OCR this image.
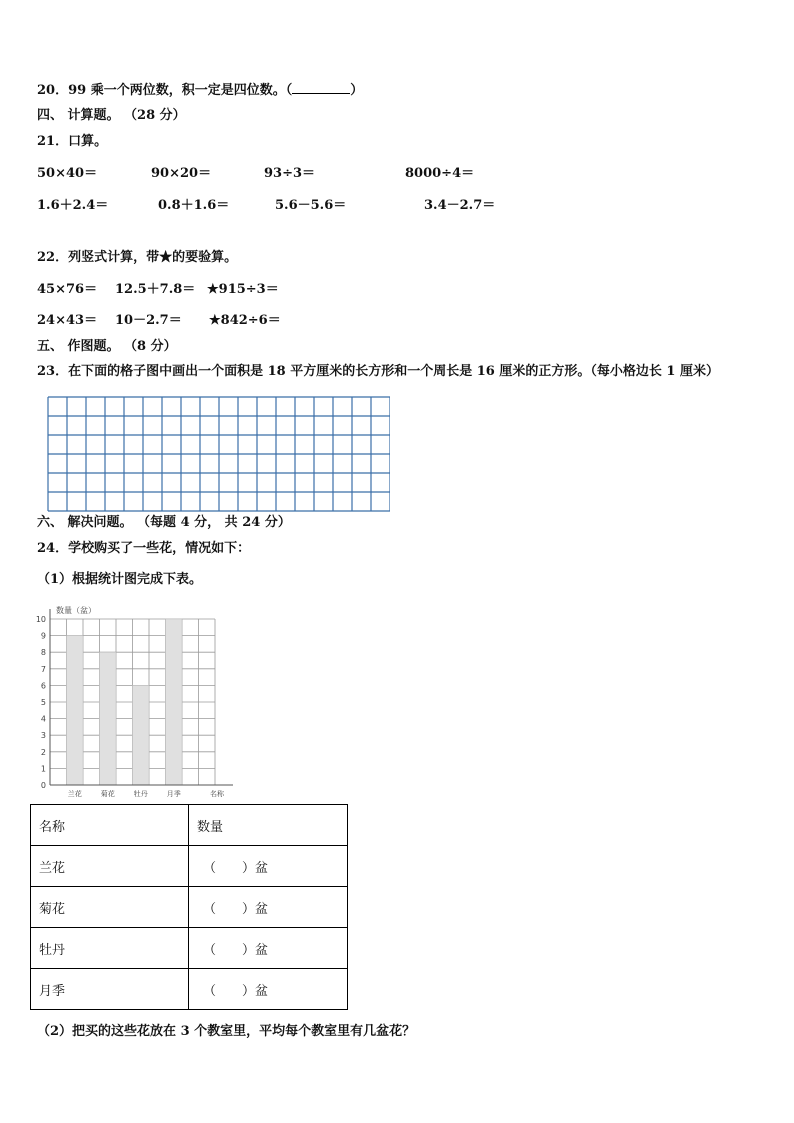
20．99 乘一个两位数，积一定是四位数。（	）
四、 计算题。 （28 分）
21．口算。
50×40＝	90×20＝	93÷3＝	8000÷4＝
1.6＋2.4＝	0.8＋1.6＝	5.6－5.6＝	3.4－2.7＝
22．列竖式计算，带★的要验算。
45×76＝ 12.5＋7.8＝ ★915÷3＝
24×43＝ 10－2.7＝ ★842÷6＝
五、 作图题。 （8 分）
23．在下面的格子图中画出一个面积是 18 平方厘米的长方形和一个周长是 16 厘米的正方形。（每小格边长 1 厘米）
六、 解决问题。 （每题 4 分， 共 24 分）
24．学校购买了一些花，情况如下：
（1）根据统计图完成下表。
兰花	菊花	牡丹	月季
0
1
2
3
4
5
6
7
8
9
10
数量（盆）
名称
名称	数量
兰花	（　　）盆
菊花	（　　）盆
牡丹	（　　）盆
月季	（　　）盆
（2）把买的这些花放在 3 个教室里，平均每个教室里有几盆花？
